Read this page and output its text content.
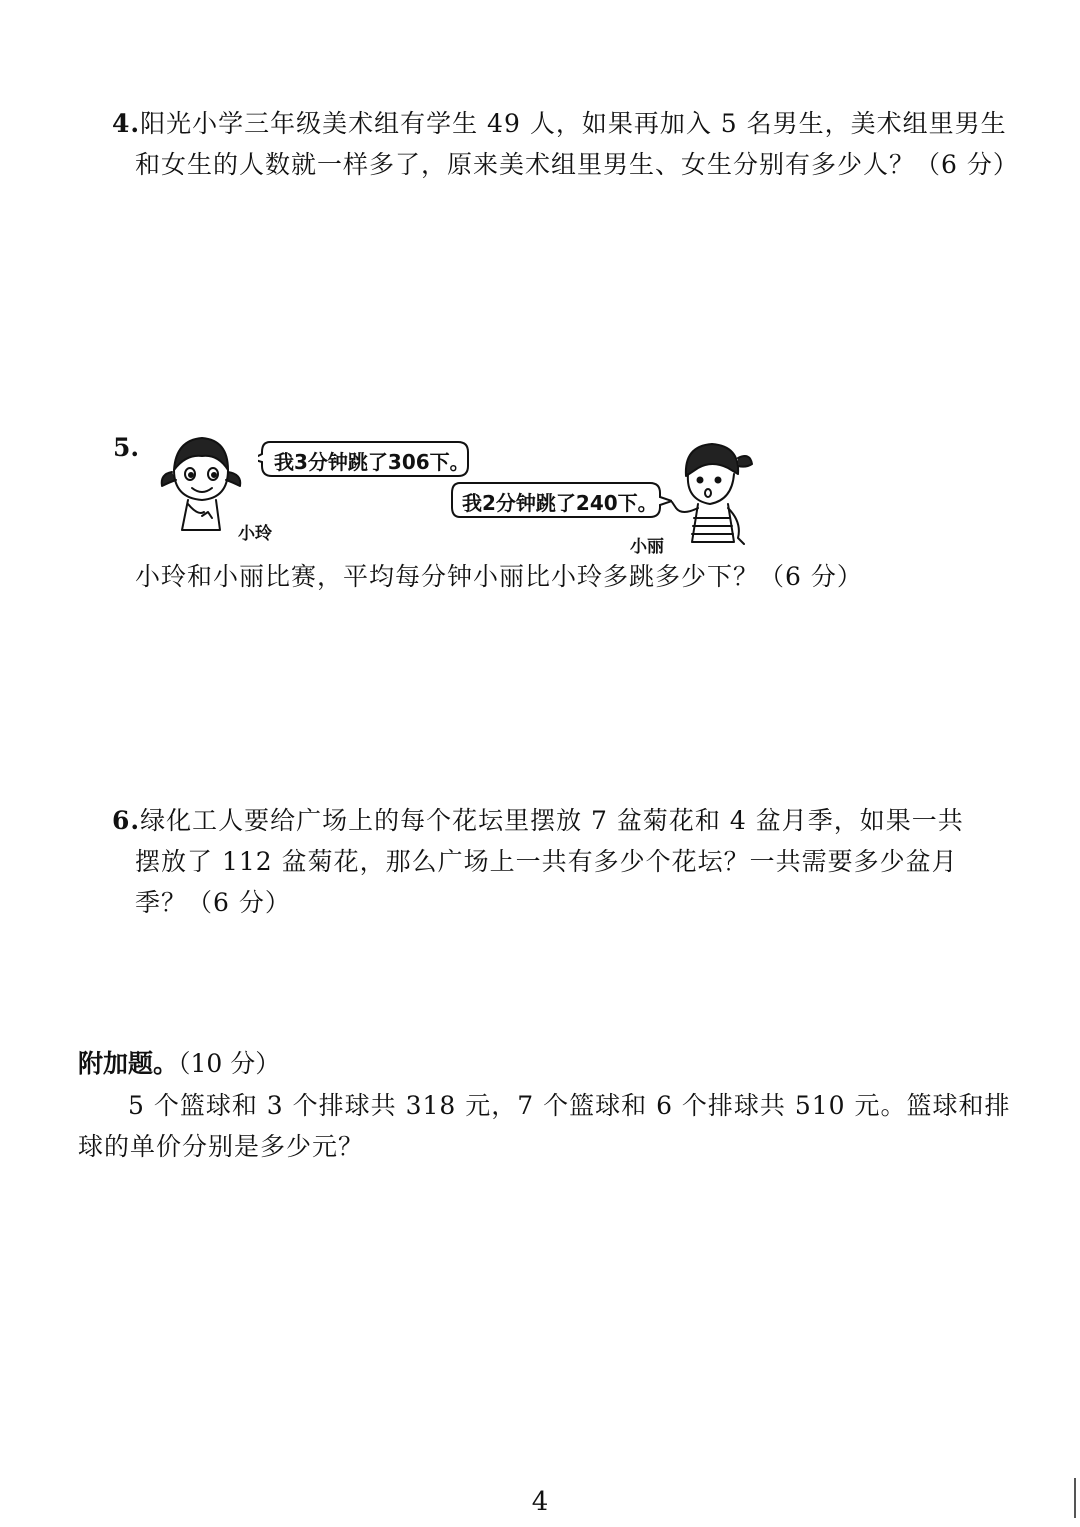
4.阳光小学三年级美术组有学生 49 人，如果再加入 5 名男生，美术组里男生
和女生的人数就一样多了，原来美术组里男生、女生分别有多少人？（6 分）
5.	我3分钟跳了306下。
我2分钟跳了240下。
小玲
小丽
小玲和小丽比赛，平均每分钟小丽比小玲多跳多少下？（6 分）
6.绿化工人要给广场上的每个花坛里摆放 7 盆菊花和 4 盆月季，如果一共
摆放了 112 盆菊花，那么广场上一共有多少个花坛？一共需要多少盆月
季？（6 分）
附加题。（10 分）
5 个篮球和 3 个排球共 318 元，7 个篮球和 6 个排球共 510 元。篮球和排
球的单价分别是多少元？
4
